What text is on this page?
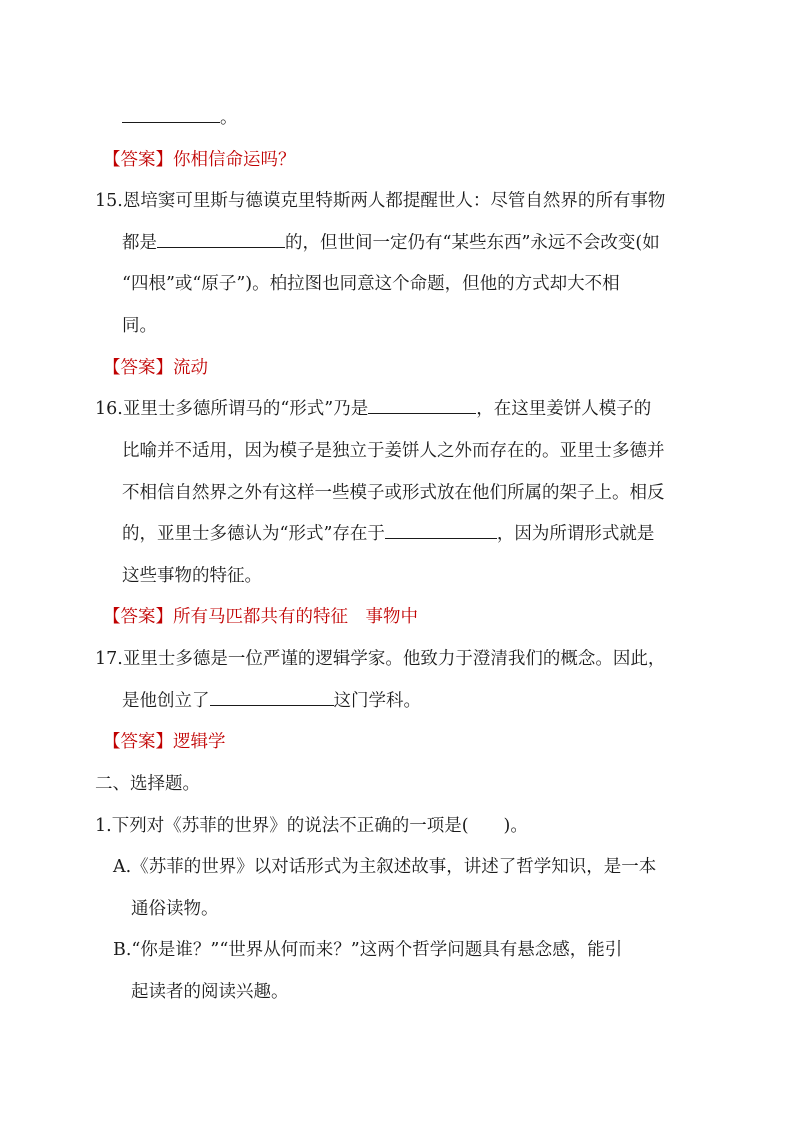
。
【答案】你相信命运吗？
15.恩培窦可里斯与德谟克里特斯两人都提醒世人：尽管自然界的所有事物
都是	的，但世间一定仍有“某些东西”永远不会改变(如
“四根”或“原子”)。柏拉图也同意这个命题，但他的方式却大不相
同。
【答案】流动
16.亚里士多德所谓马的“形式”乃是	，在这里姜饼人模子的
比喻并不适用，因为模子是独立于姜饼人之外而存在的。亚里士多德并
不相信自然界之外有这样一些模子或形式放在他们所属的架子上。相反
的，亚里士多德认为“形式”存在于	，因为所谓形式就是
这些事物的特征。
【答案】所有马匹都共有的特征　事物中
17.亚里士多德是一位严谨的逻辑学家。他致力于澄清我们的概念。因此，
是他创立了	这门学科。
【答案】逻辑学
二、选择题。
1.下列对《苏菲的世界》的说法不正确的一项是(　　)。
A.《苏菲的世界》以对话形式为主叙述故事，讲述了哲学知识，是一本
通俗读物。
B.“你是谁？”“世界从何而来？”这两个哲学问题具有悬念感，能引
起读者的阅读兴趣。
